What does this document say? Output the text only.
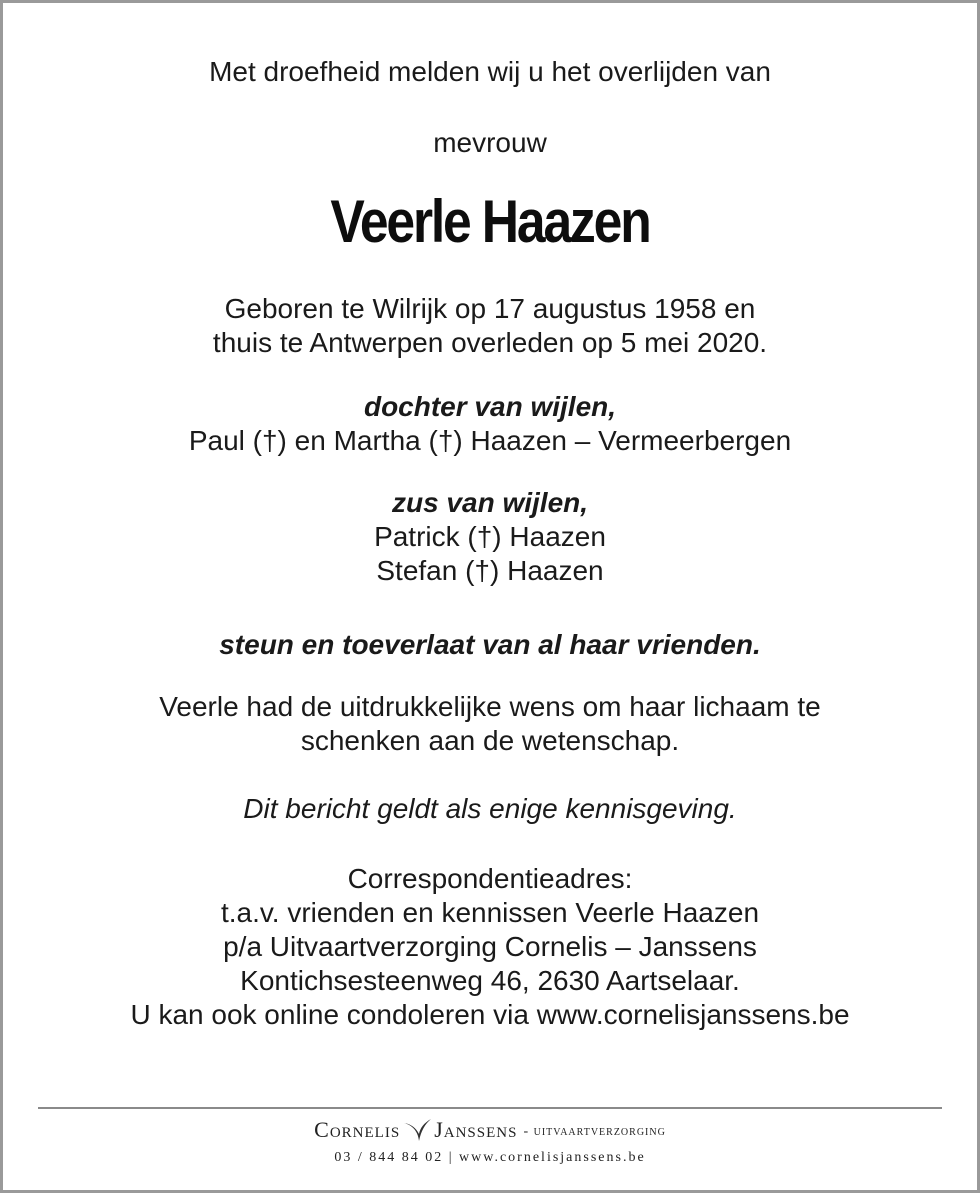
Met droefheid melden wij u het overlijden van
mevrouw
Veerle Haazen
Geboren te Wilrijk op 17 augustus 1958 en
thuis te Antwerpen overleden op 5 mei 2020.
dochter van wijlen,
Paul (†) en Martha (†) Haazen – Vermeerbergen
zus van wijlen,
Patrick (†) Haazen
Stefan (†) Haazen
steun en toeverlaat van al haar vrienden.
Veerle had de uitdrukkelijke wens om haar lichaam te
schenken aan de wetenschap.
Dit bericht geldt als enige kennisgeving.
Correspondentieadres:
t.a.v. vrienden en kennissen Veerle Haazen
p/a Uitvaartverzorging Cornelis – Janssens
Kontichsesteenweg 46, 2630 Aartselaar.
U kan ook online condoleren via www.cornelisjanssens.be
Cornelis Janssens - uitvaartverzorging
03 / 844 84 02 | www.cornelisjanssens.be
